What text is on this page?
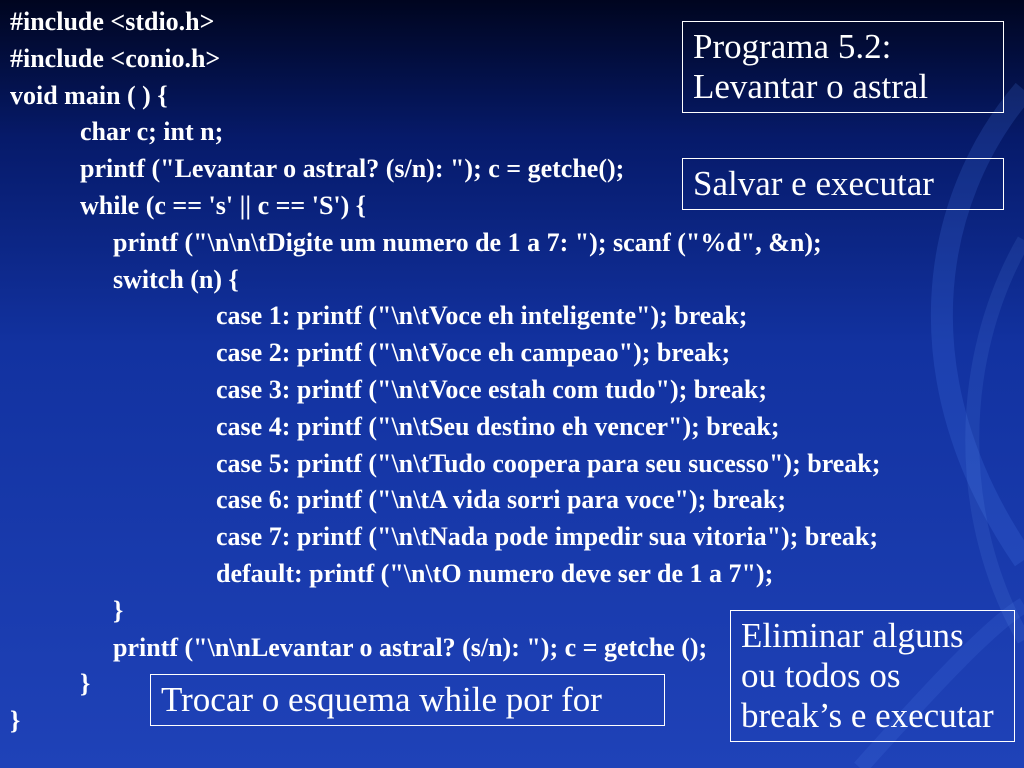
#include <stdio.h>
#include <conio.h>
void main ( ) {
char c; int n;
printf ("Levantar o astral? (s/n): "); c = getche();
while (c == 's' || c == 'S') {
printf ("\n\n\tDigite um numero de 1 a 7: "); scanf ("%d", &n);
switch (n) {
case 1: printf ("\n\tVoce eh inteligente"); break;
case 2: printf ("\n\tVoce eh campeao"); break;
case 3: printf ("\n\tVoce estah com tudo"); break;
case 4: printf ("\n\tSeu destino eh vencer"); break;
case 5: printf ("\n\tTudo coopera para seu sucesso"); break;
case 6: printf ("\n\tA vida sorri para voce"); break;
case 7: printf ("\n\tNada pode impedir sua vitoria"); break;
default: printf ("\n\tO numero deve ser de 1 a 7");
}
printf ("\n\nLevantar o astral? (s/n): "); c = getche ();
}
}
Programa 5.2:
Levantar o astral
Salvar e executar
Eliminar alguns
ou todos os
break’s e executar
Trocar o esquema while por for
